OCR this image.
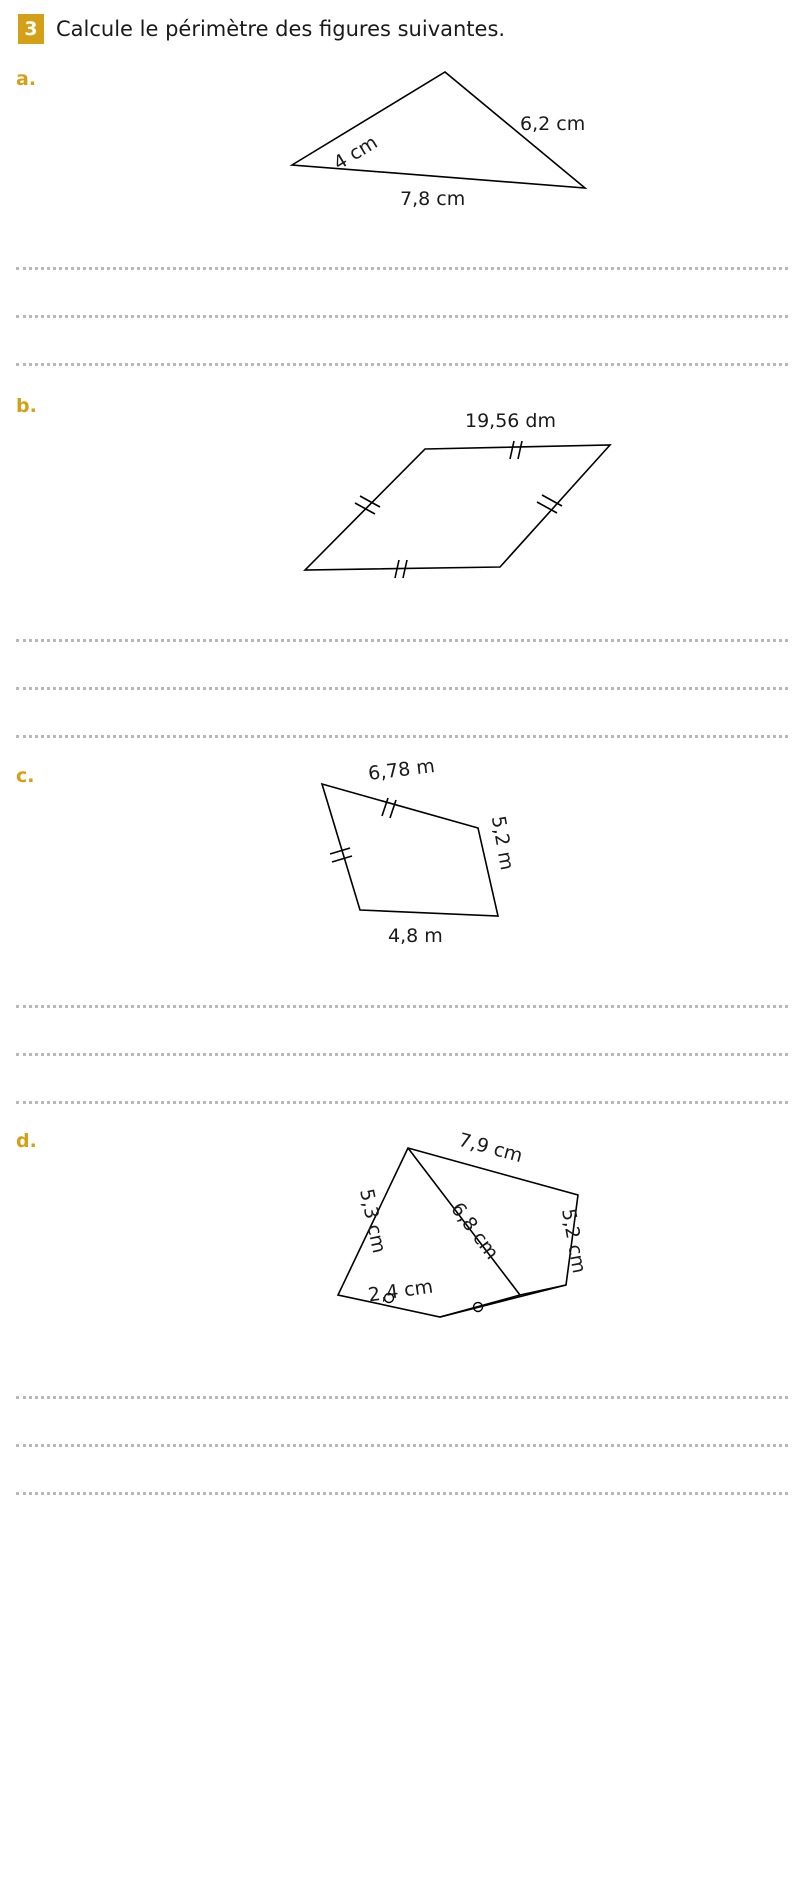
3 Calcule le périmètre des figures suivantes.
a.
4 cm
6,2 cm
7,8 cm
b.
19,56 dm
c.	6,78 m
5,2 m
4,8 m
d.	7,9 cm
5,3 cm	6,8 cm	5,2 cm
2,4 cm
